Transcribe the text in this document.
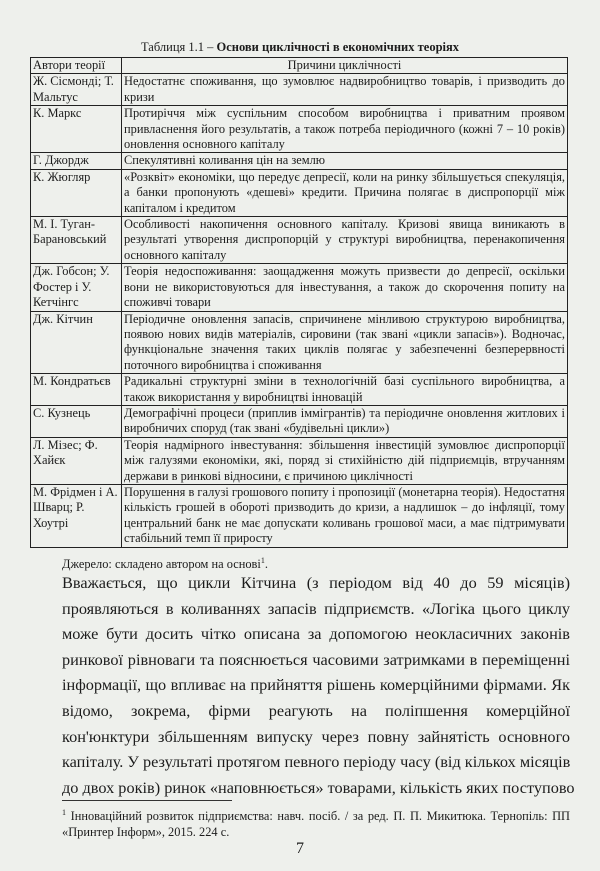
Таблиця 1.1 – Основи циклічності в економічних теоріях
Автори теорії	Причини циклічності
Ж. Сісмонді; Т. Мальтус	Недостатнє споживання, що зумовлює надвиробництво товарів, і призводить до кризи
К. Маркс	Протиріччя між суспільним способом виробництва і приватним проявом привласнення його результатів, а також потреба періодичного (кожні 7 – 10 років) оновлення основного капіталу
Г. Джордж	Спекулятивні коливання цін на землю
К. Жюгляр	«Розквіт» економіки, що передує депресії, коли на ринку збільшується спекуляція, а банки пропонують «дешеві» кредити. Причина полягає в диспропорції між капіталом і кредитом
М. І. Туган-Барановський	Особливості накопичення основного капіталу. Кризові явища виникають в результаті утворення диспропорцій у структурі виробництва, перенакопичення основного капіталу
Дж. Гобсон; У. Фостер і У. Кетчінгс	Теорія недоспоживання: заощадження можуть призвести до депресії, оскільки вони не використовуються для інвестування, а також до скорочення попиту на споживчі товари
Дж. Кітчин	Періодичне оновлення запасів, спричинене мінливою структурою виробництва, появою нових видів матеріалів, сировини (так звані «цикли запасів»). Водночас, функціональне значення таких циклів полягає у забезпеченні безперервності поточного виробництва і споживання
М. Кондратьєв	Радикальні структурні зміни в технологічній базі суспільного виробництва, а також використання у виробництві інновацій
С. Кузнець	Демографічні процеси (приплив іммігрантів) та періодичне оновлення житлових і виробничих споруд (так звані «будівельні цикли»)
Л. Мізес; Ф. Хайєк	Теорія надмірного інвестування: збільшення інвестицій зумовлює диспропорції між галузями економіки, які, поряд зі стихійністю дій підприємців, втручанням держави в ринкові відносини, є причиною циклічності
М. Фрідмен і А. Шварц; Р. Хоутрі	Порушення в галузі грошового попиту і пропозиції (монетарна теорія). Недостатня кількість грошей в обороті призводить до кризи, а надлишок – до інфляції, тому центральний банк не має допускати коливань грошової маси, а має підтримувати стабільний темп її приросту
Джерело: складено автором на основі$^1$.
Вважається, що цикли Кітчина (з періодом від 40 до 59 місяців)
проявляються в коливаннях запасів підприємств. «Логіка цього циклу
може бути досить чітко описана за допомогою неокласичних законів
ринкової рівноваги та пояснюється часовими затримками в переміщенні
інформації, що впливає на прийняття рішень комерційними фірмами. Як
відомо, зокрема, фірми реагують на поліпшення комерційної
кон'юнктури збільшенням випуску через повну зайнятість основного
капіталу. У результаті протягом певного періоду часу (від кількох місяців
до двох років) ринок «наповнюється» товарами, кількість яких поступово
$^1$ Інноваційний розвиток підприємства: навч. посіб. / за ред. П. П. Микитюка. Тернопіль: ПП «Принтер Інформ», 2015. 224 с.
7
